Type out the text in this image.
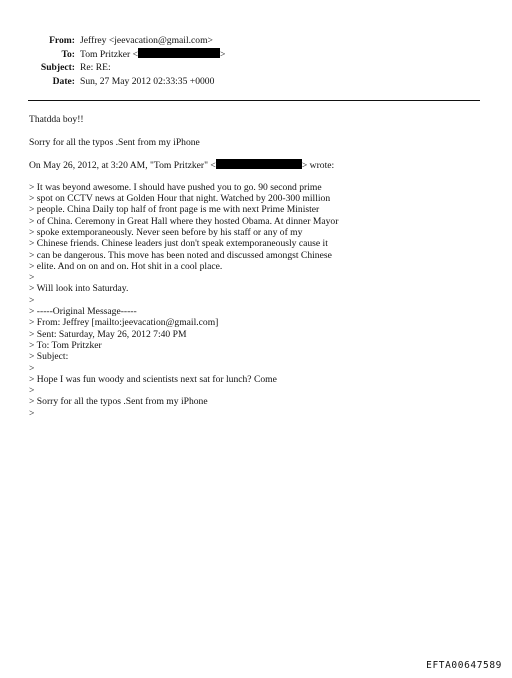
From: Jeffrey <jeevacation@gmail.com>
To: Tom Pritzker <	>
Subject: Re: RE:
Date: Sun, 27 May 2012 02:33:35 +0000
Thatdda boy!!
Sorry for all the typos .Sent from my iPhone
On May 26, 2012, at 3:20 AM, "Tom Pritzker" <	> wrote:
> It was beyond awesome. I should have pushed you to go. 90 second prime
> spot on CCTV news at Golden Hour that night. Watched by 200-300 million
> people. China Daily top half of front page is me with next Prime Minister
> of China. Ceremony in Great Hall where they hosted Obama. At dinner Mayor
> spoke extemporaneously. Never seen before by his staff or any of my
> Chinese friends. Chinese leaders just don't speak extemporaneously cause it
> can be dangerous. This move has been noted and discussed amongst Chinese
> elite. And on on and on. Hot shit in a cool place.
>
> Will look into Saturday.
>
> -----Original Message-----
> From: Jeffrey [mailto:jeevacation@gmail.com]
> Sent: Saturday, May 26, 2012 7:40 PM
> To: Tom Pritzker
> Subject:
>
> Hope I was fun woody and scientists next sat for lunch? Come
>
> Sorry for all the typos .Sent from my iPhone
>
EFTA00647589
